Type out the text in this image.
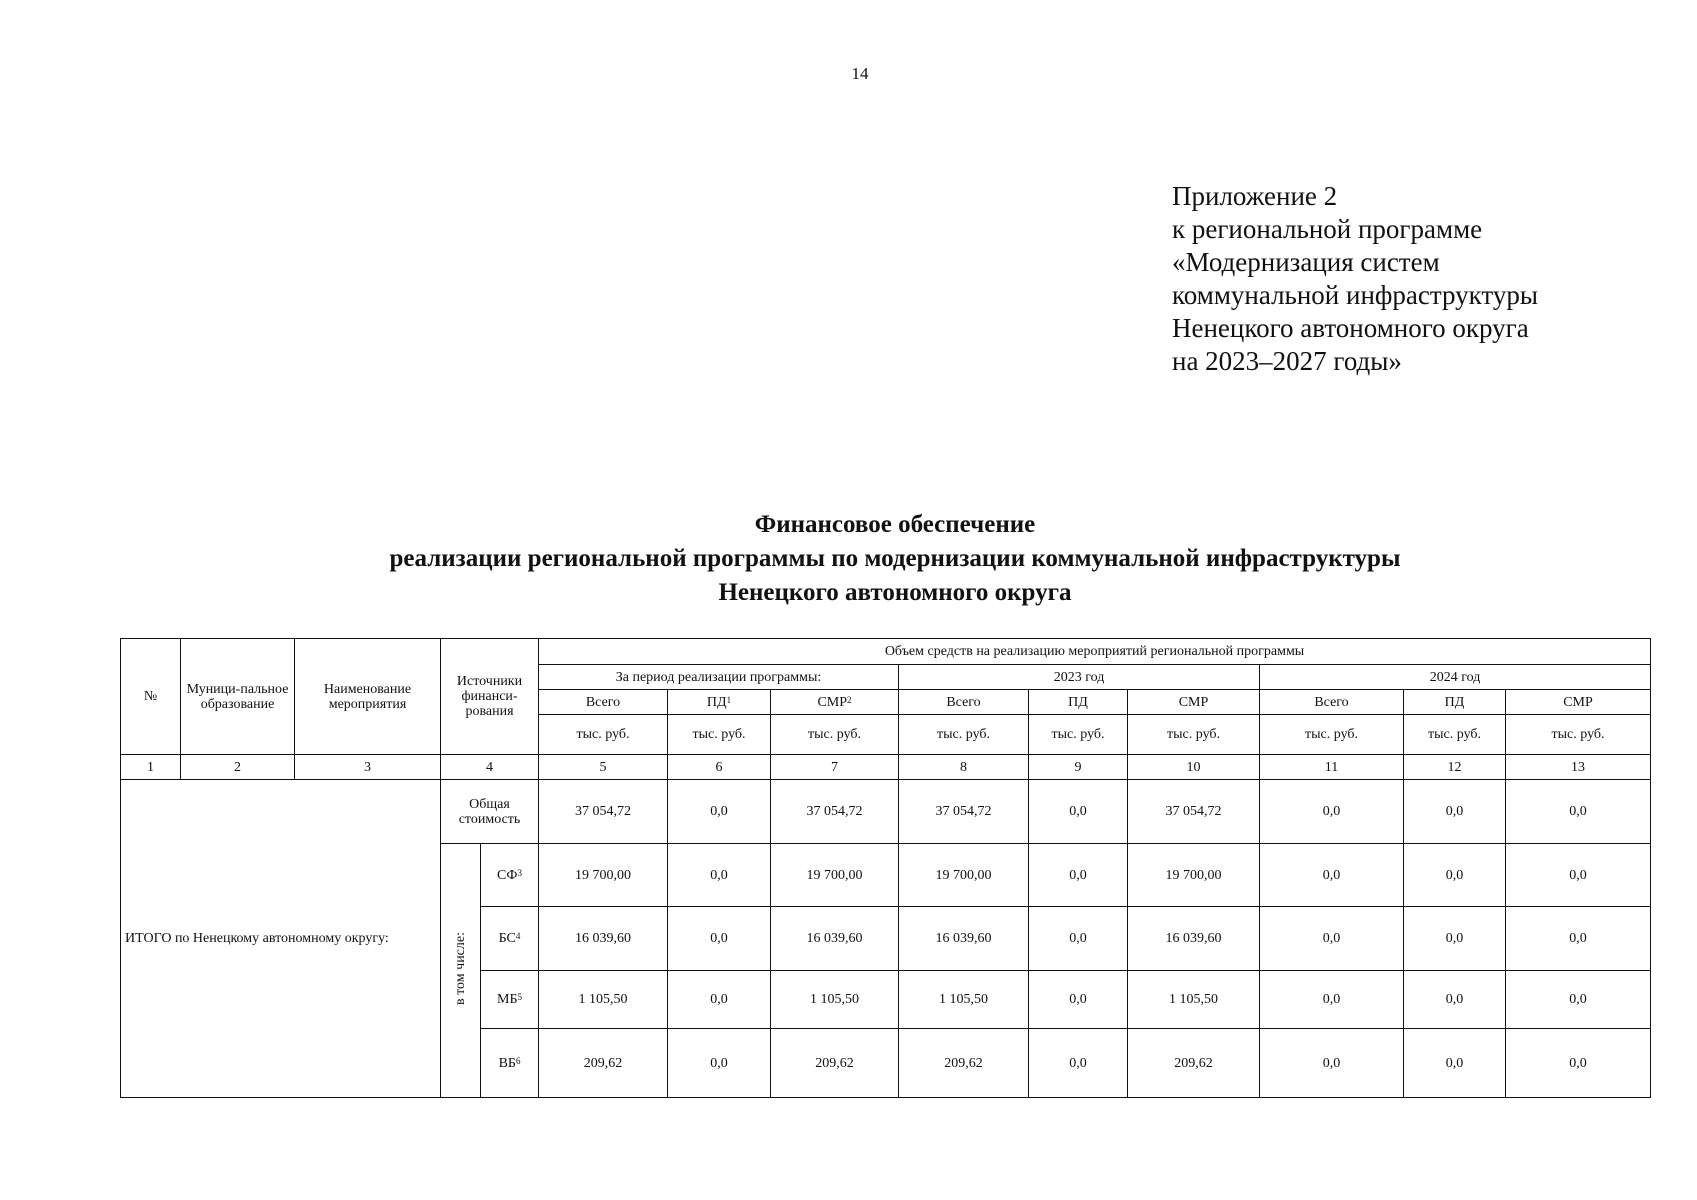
14
Приложение 2
к региональной программе
«Модернизация систем
коммунальной инфраструктуры
Ненецкого автономного округа
на 2023–2027 годы»
Финансовое обеспечение
реализации региональной программы по модернизации коммунальной инфраструктуры
Ненецкого автономного округа
№	Муници-пальное образование	Наименование мероприятия	Источники финанси-рования		Объем средств на реализацию мероприятий региональной программы								
					За период реализации программы:			2023 год			2024 год		
					Всего	$ПД^1$	СМР$^2$	Всего	ПД	СМР	Всего	ПД	СМР
					тыс. руб.	тыс. руб.	тыс. руб.	тыс. руб.	тыс. руб.	тыс. руб.	тыс. руб.	тыс. руб.	тыс. руб.
1	2	3	4		5	6	7	8	9	10	11	12	13
ИТОГО по Ненецкому автономному округу:			Общая стоимость		37 054,72	0,0	37 054,72	37 054,72	0,0	37 054,72	0,0	0,0	0,0
			в том числе:	$СФ^3$	19 700,00	0,0	19 700,00	19 700,00	0,0	19 700,00	0,0	0,0	0,0
				$БС^4$	16 039,60	0,0	16 039,60	16 039,60	0,0	16 039,60	0,0	0,0	0,0
				$МБ^5$	1 105,50	0,0	1 105,50	1 105,50	0,0	1 105,50	0,0	0,0	0,0
				$ВБ^6$	209,62	0,0	209,62	209,62	0,0	209,62	0,0	0,0	0,0
